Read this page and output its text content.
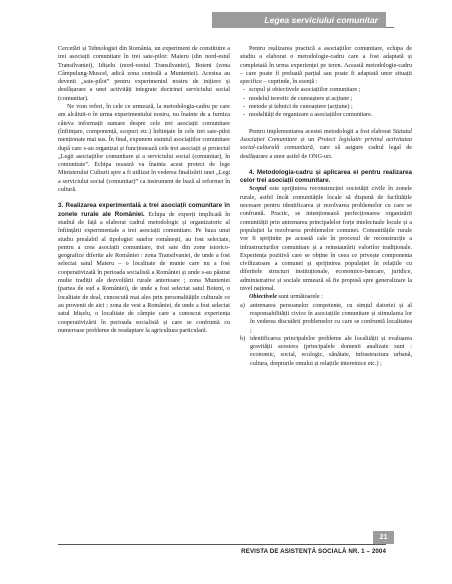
Legea serviciului comunitar

Cercetări și Tehnologiei din România, un experiment de constituire a trei asociații comunitare în trei sate-pilot: Maieru (din nord-estul Transilvaniei), Idișelu (nord-vestul Transilvaniei), Boteni (zona Câmpulung-Muscel, adică zona centrală a Munteniei). Acestea au devenit „sate-pilot” pentru experimentul nostru de inițiere și desfășurare a unei activități integrate doctrinei serviciului social (comunitar).

Ne vom referi, în cele ce urmează, la metodologia-cadru pe care am alcătuit-o în urma experimentului nostru, nu înainte de a furniza câteva informații sumare despre cele trei asociații comunitare (înființare, componență, scopuri etc.) înființate în cele trei sate-pilot menționate mai sus. În final, expunem statutul asociațiilor comunitare după care s-au organizat și funcționează cele trei asociații și proiectul „Legii asociațiilor comunitare și a serviciului social (comunitar), în comunitate”. Echipa noastră va înainta acest proiect de lege Ministerului Culturii spre a fi utilizat în vederea finalizării unei „Legi a serviciului social (comunitar)” ca instrument de bază al reformei în cultură.

3. Realizarea experimentală a trei asociații comunitare în zonele rurale ale României. Echipa de experți implicată în studiul de față a elaborat cadrul metodologic și organizatoric al înființării experimentale a trei asociații comunitare. Pe baza unui studiu prealabil al tipologiei satelor românești, au fost selectate, pentru a crea asociații comunitare, trei sate din zone istorico-geografice diferite ale României : zona Transilvaniei, de unde a fost selectat satul Maieru – o localitate de munte care nu a fost cooperativizată în perioada socialistă a României și unde s-au păstrat multe tradiții ale dezvoltării rurale anterioare ; zona Munteniei (partea de sud a României), de unde a fost selectat satul Boteni, o localitate de deal, cunoscută mai ales prin personalitățile culturale ce au provenit de aici ; zona de vest a României, de unde a fost selectat satul Idișelu, o localitate de câmpie care a cunoscut experiența cooperativizării în perioada socialistă și care se confruntă cu numeroase probleme de readaptare la agricultura particulară.

Pentru realizarea practică a asociațiilor comunitare, echipa de studiu a elaborat o metodologie-cadru care a fost adaptată și completată în urma experienței pe teren. Această metodologie-cadru – care poate fi preluată parțial sau poate fi adaptată unor situații specifice – cuprinde, în esență :

- scopul și obiectivele asociațiilor comunitare ;
- modelul teoretic de cunoaștere și acțiune ;
- metode și tehnici de cunoaștere (acțiune) ;
- modalități de organizare a asociațiilor comunitare.

Pentru implementarea acestei metodologii a fost elaborat Statutul Asociației Comunitare și un Proiect legislativ privind activitatea social-culturală comunitară, care să asigure cadrul legal de desfășurare a unor astfel de ONG-uri.

4. Metodologia-cadru și aplicarea ei pentru realizarea celor trei asociații comunitare.

Scopul este sprijinirea reconstrucției societății civile în zonele rurale, astfel încât comunitățile locale să dispună de facilitățile necesare pentru identificarea și rezolvarea problemelor cu care se confruntă. Practic, se intenționează perfecționarea organizării comunității prin antrenarea principalelor forțe intelectuale locale și a populației la rezolvarea problemelor comunei. Comunitățile rurale vor fi sprijinite pe această cale în procesul de reconstrucție a infrastructurilor comunitare și a reinstaurării valorilor tradiționale. Experiența pozitivă care se obține în ceea ce privește componenta civilizatoare a comunei și sprijinirea populației în relațiile cu diferitele structuri instituționale, economico-bancare, juridice, administrative și sociale urmează să fie propusă spre generalizare la nivel național.

Obiectivele sunt următoarele :

a) antrenarea persoanelor competente, cu simțul datoriei și al responsabilității civice în asociațiile comunitare și stimularea lor în vederea discutării problemelor cu care se confruntă localitatea ;
b) identificarea principalelor probleme ale localității și evaluarea gravității acestora (principalele domenii analizate sunt : economic, social, ecologic, sănătate, infrastructura urbană, cultura, drepturile omului și relațiile interetnice etc.) ;
21
REVISTA DE ASISTENȚĂ SOCIALĂ NR. 1 – 2004
